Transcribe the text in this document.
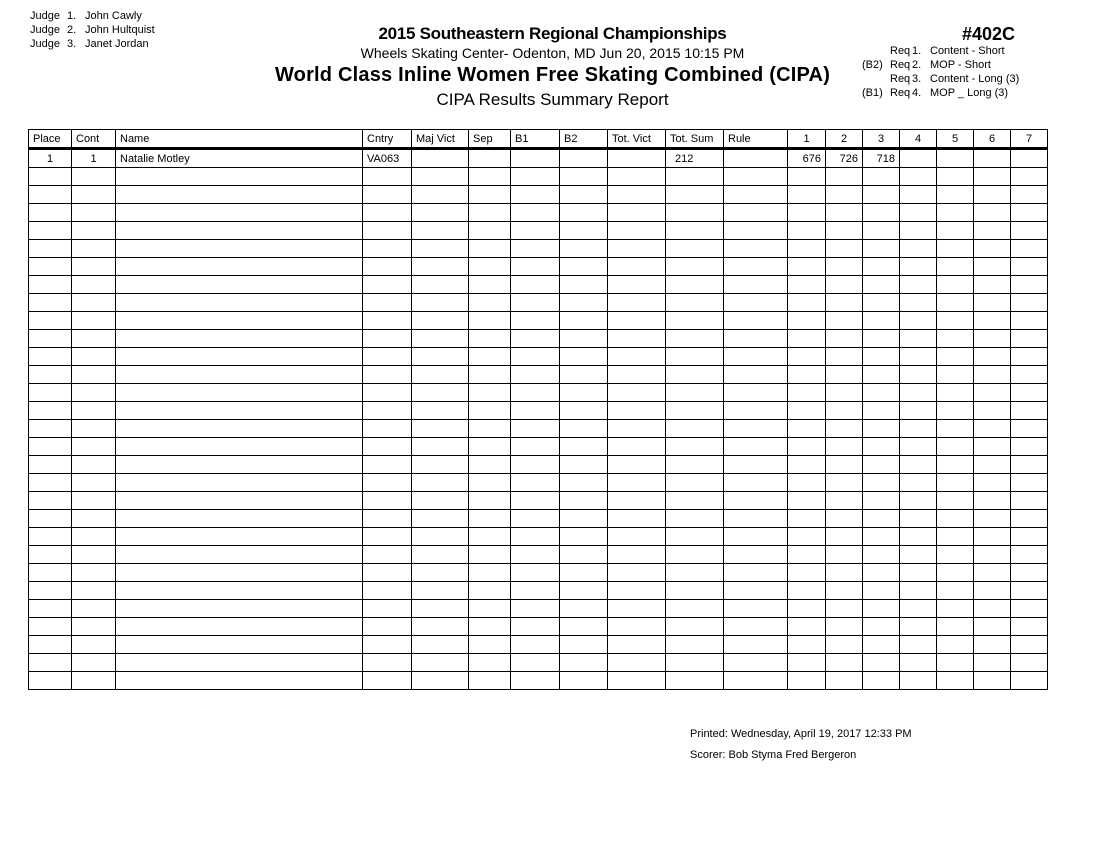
Judge 1. John Cawly
Judge 2. John Hultquist
Judge 3. Janet Jordan
2015 Southeastern Regional Championships
Wheels Skating Center- Odenton, MD Jun 20, 2015 10:15 PM
World Class Inline Women Free Skating Combined (CIPA)
CIPA Results Summary Report
#402C
Req 1. Content - Short
(B2) Req 2. MOP - Short
Req 3. Content - Long (3)
(B1) Req 4. MOP _ Long (3)
Place	Cont	Name	Cntry	Maj Vict	Sep	B1	B2	Tot. Vict	Tot. Sum	Rule	1	2	3	4	5	6	7
1	1	Natalie Motley	VA063						212		676	726	718				

Printed: Wednesday, April 19, 2017 12:33 PM
Scorer: Bob Styma Fred Bergeron
